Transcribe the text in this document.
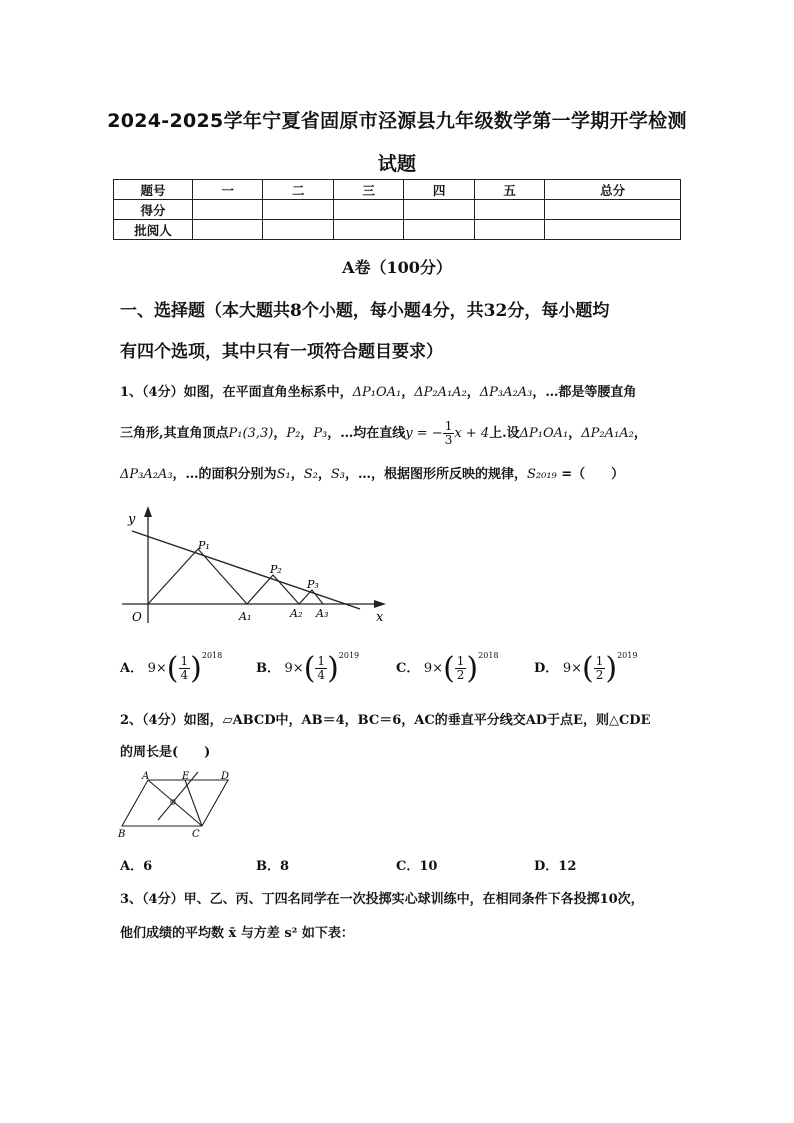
2024-2025学年宁夏省固原市泾源县九年级数学第一学期开学检测
试题
题号	一	二	三	四	五	总分
得分						
批阅人						
A卷（100分）
一、选择题（本大题共8个小题，每小题4分，共32分，每小题均
有四个选项，其中只有一项符合题目要求）
1、（4分）如图，在平面直角坐标系中，ΔP₁OA₁，ΔP₂A₁A₂，ΔP₃A₂A₃，…都是等腰直角
三角形,其直角顶点P₁(3,3)，P₂，P₃，…均在直线y = − $\frac{1}{3}$ x + 4上.设ΔP₁OA₁，ΔP₂A₁A₂，
ΔP₃A₂A₃，…的面积分别为S₁，S₂，S₃，…，根据图形所反映的规律，S₂₀₁₉ =（　　）
y
x
O
P₁
P₂
P₃
A₁	A₂ A₃
A． $9\times( \frac{1}{4} )^{2018}$
B． $9\times( \frac{1}{4} )^{2019}$
C． $9\times( \frac{1}{2} )^{2018}$
D． $9\times( \frac{1}{2} )^{2019}$
2、（4分）如图，▱ABCD中，AB＝4，BC＝6，AC的垂直平分线交AD于点E，则△CDE
的周长是(　　)
A	E	D
B	C
A．6	B．8	C．10	D．12
3、（4分）甲、乙、丙、丁四名同学在一次投掷实心球训练中，在相同条件下各投掷10次，
他们成绩的平均数 x̄ 与方差 s² 如下表：
